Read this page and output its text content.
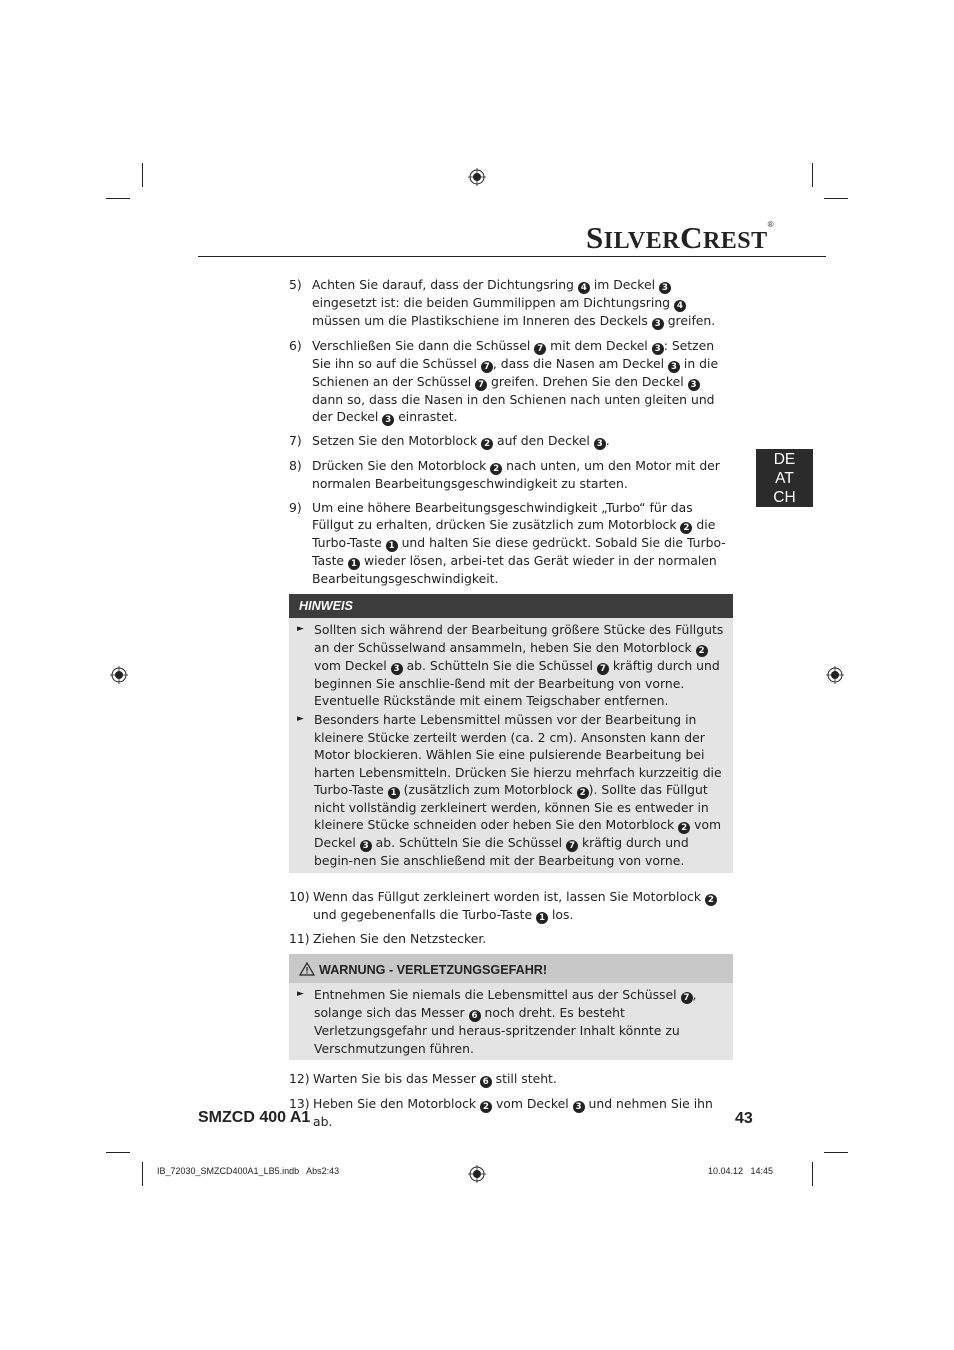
SILVERCREST®
DE
AT
CH
5) Achten Sie darauf, dass der Dichtungsring 4 im Deckel 3 eingesetzt ist: die beiden Gummilippen am Dichtungsring 4 müssen um die Plastikschiene im Inneren des Deckels 3 greifen.
6) Verschließen Sie dann die Schüssel 7 mit dem Deckel 3 : Setzen Sie ihn so auf die Schüssel 7 , dass die Nasen am Deckel 3 in die Schienen an der Schüssel 7 greifen. Drehen Sie den Deckel 3 dann so, dass die Nasen in den Schienen nach unten gleiten und der Deckel 3 einrastet.
7) Setzen Sie den Motorblock 2 auf den Deckel 3 .
8) Drücken Sie den Motorblock 2 nach unten, um den Motor mit der normalen Bearbeitungsgeschwindigkeit zu starten.
9) Um eine höhere Bearbeitungsgeschwindigkeit „Turbo“ für das Füllgut zu erhalten, drücken Sie zusätzlich zum Motorblock 2 die Turbo-Taste 1 und halten Sie diese gedrückt. Sobald Sie die Turbo-Taste 1 wieder lösen, arbei-tet das Gerät wieder in der normalen Bearbeitungsgeschwindigkeit.
HINWEIS
► Sollten sich während der Bearbeitung größere Stücke des Füllguts an der Schüsselwand ansammeln, heben Sie den Motorblock 2 vom Deckel 3 ab. Schütteln Sie die Schüssel 7 kräftig durch und beginnen Sie anschlie-ßend mit der Bearbeitung von vorne. Eventuelle Rückstände mit einem Teigschaber entfernen.
► Besonders harte Lebensmittel müssen vor der Bearbeitung in kleinere Stücke zerteilt werden (ca. 2 cm). Ansonsten kann der Motor blockieren. Wählen Sie eine pulsierende Bearbeitung bei harten Lebensmitteln. Drücken Sie hierzu mehrfach kurzzeitig die Turbo-Taste 1 (zusätzlich zum Motorblock 2 ). Sollte das Füllgut nicht vollständig zerkleinert werden, können Sie es entweder in kleinere Stücke schneiden oder heben Sie den Motorblock 2 vom Deckel 3 ab. Schütteln Sie die Schüssel 7 kräftig durch und begin-nen Sie anschließend mit der Bearbeitung von vorne.
10) Wenn das Füllgut zerkleinert worden ist, lassen Sie Motorblock 2 und gegebenenfalls die Turbo-Taste 1 los.
11) Ziehen Sie den Netzstecker.
WARNUNG - VERLETZUNGSGEFAHR!
► Entnehmen Sie niemals die Lebensmittel aus der Schüssel 7 , solange sich das Messer 6 noch dreht. Es besteht Verletzungsgefahr und heraus-spritzender Inhalt könnte zu Verschmutzungen führen.
12) Warten Sie bis das Messer 6 still steht.
13) Heben Sie den Motorblock 2 vom Deckel 3 und nehmen Sie ihn ab.
SMZCD 400 A1	43
IB_72030_SMZCD400A1_LB5.indb   Abs2:43	10.04.12   14:45
